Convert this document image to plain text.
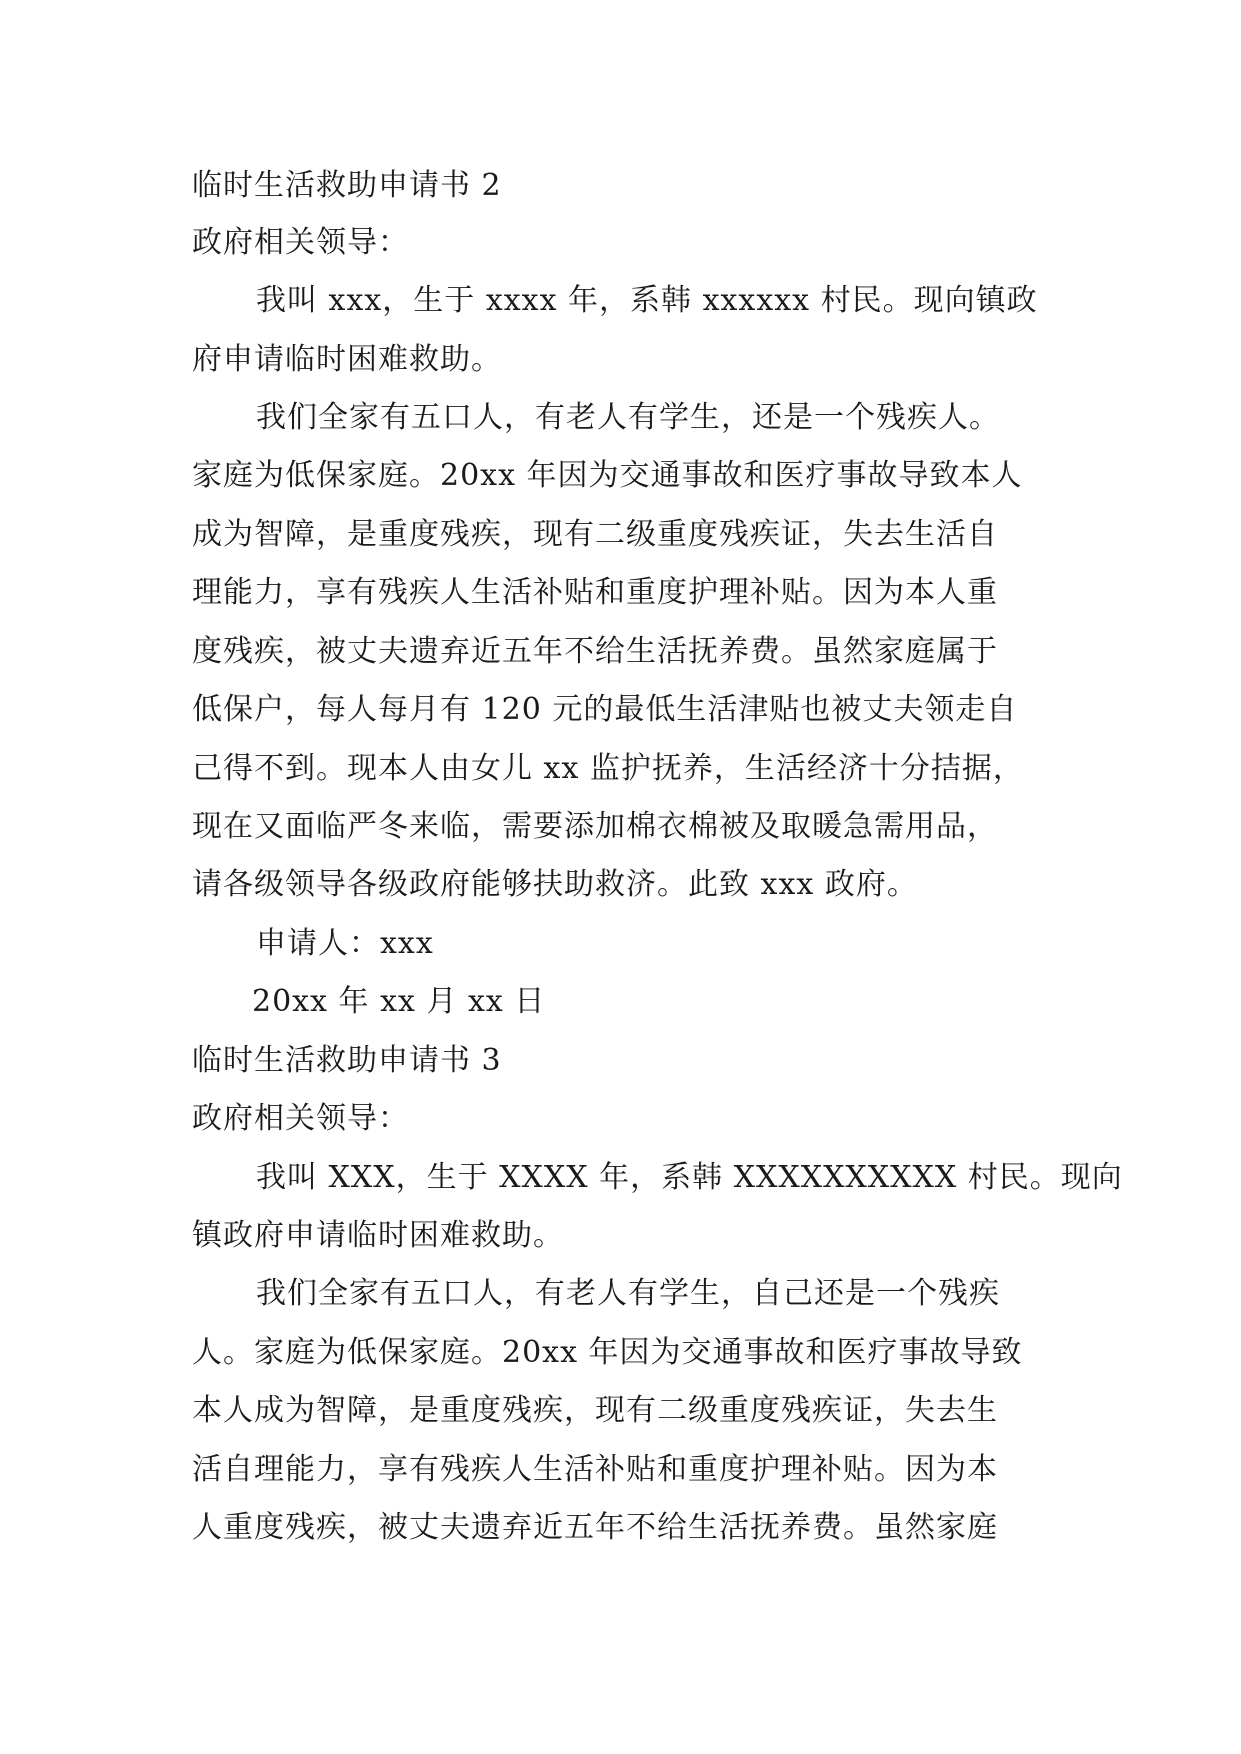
临时生活救助申请书 2
政府相关领导：
我叫 xxx，生于 xxxx 年，系韩 xxxxxx 村民。现向镇政
府申请临时困难救助。
我们全家有五口人，有老人有学生，还是一个残疾人。
家庭为低保家庭。20xx 年因为交通事故和医疗事故导致本人
成为智障，是重度残疾，现有二级重度残疾证，失去生活自
理能力，享有残疾人生活补贴和重度护理补贴。因为本人重
度残疾，被丈夫遗弃近五年不给生活抚养费。虽然家庭属于
低保户，每人每月有 120 元的最低生活津贴也被丈夫领走自
己得不到。现本人由女儿 xx 监护抚养，生活经济十分拮据，
现在又面临严冬来临，需要添加棉衣棉被及取暖急需用品，
请各级领导各级政府能够扶助救济。此致 xxx 政府。
申请人：xxx
20xx 年 xx 月 xx 日
临时生活救助申请书 3
政府相关领导：
我叫 XXX，生于 XXXX 年，系韩 XXXXXXXXXX 村民。现向
镇政府申请临时困难救助。
我们全家有五口人，有老人有学生，自己还是一个残疾
人。家庭为低保家庭。20xx 年因为交通事故和医疗事故导致
本人成为智障，是重度残疾，现有二级重度残疾证，失去生
活自理能力，享有残疾人生活补贴和重度护理补贴。因为本
人重度残疾，被丈夫遗弃近五年不给生活抚养费。虽然家庭
